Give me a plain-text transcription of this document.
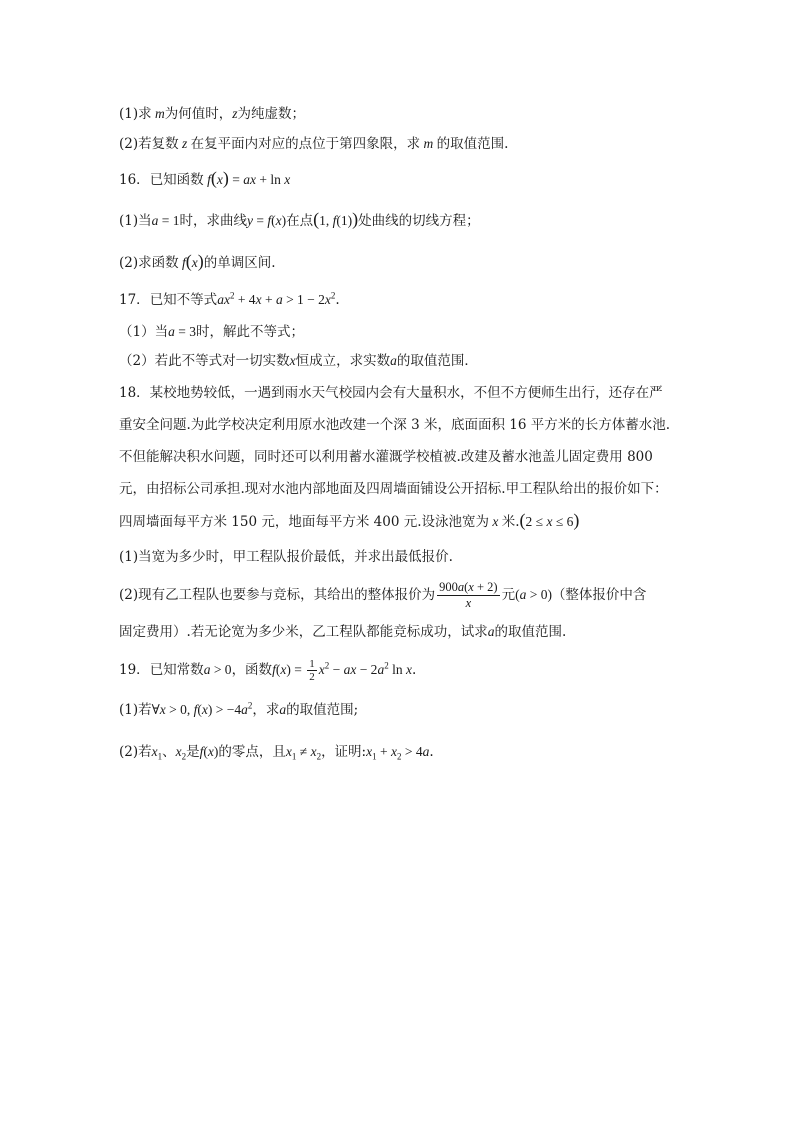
(1)求 m为何值时，z为纯虚数；
(2)若复数 z 在复平面内对应的点位于第四象限，求 m 的取值范围.
16．已知函数 f(x) = ax + ln x
(1)当a = 1时，求曲线y = f(x)在点(1, f(1))处曲线的切线方程；
(2)求函数 f(x)的单调区间.
17．已知不等式$ax^2 + 4x + a > 1 - 2x^2$.
（1）当a = 3时，解此不等式；
（2）若此不等式对一切实数x恒成立，求实数a的取值范围．
18．某校地势较低，一遇到雨水天气校园内会有大量积水，不但不方便师生出行，还存在严
重安全问题.为此学校决定利用原水池改建一个深 3 米，底面面积 16 平方米的长方体蓄水池.
不但能解决积水问题，同时还可以利用蓄水灌溉学校植被.改建及蓄水池盖儿固定费用 800
元，由招标公司承担.现对水池内部地面及四周墙面铺设公开招标.甲工程队给出的报价如下：
四周墙面每平方米 150 元，地面每平方米 400 元.设泳池宽为 x 米.(2 ≤ x ≤ 6)
(1)当宽为多少时，甲工程队报价最低，并求出最低报价.
(2)现有乙工程队也要参与竞标，其给出的整体报价为 $\frac{900a(x + 2)}{x}$ 元(a > 0)（整体报价中含
固定费用）.若无论宽为多少米，乙工程队都能竞标成功，试求a的取值范围.
19．已知常数a > 0，函数$f(x) = \frac{1}{2} x^2$ − ax − $2a^2$ ln x.
(1)若∀x > 0, $f(x) > -4a^2$，求a的取值范围;
(2)若$x_1$、$x_2$是f(x)的零点，且$x_1 \ne x_2$，证明$:x_1 + x_2 > 4a$.
